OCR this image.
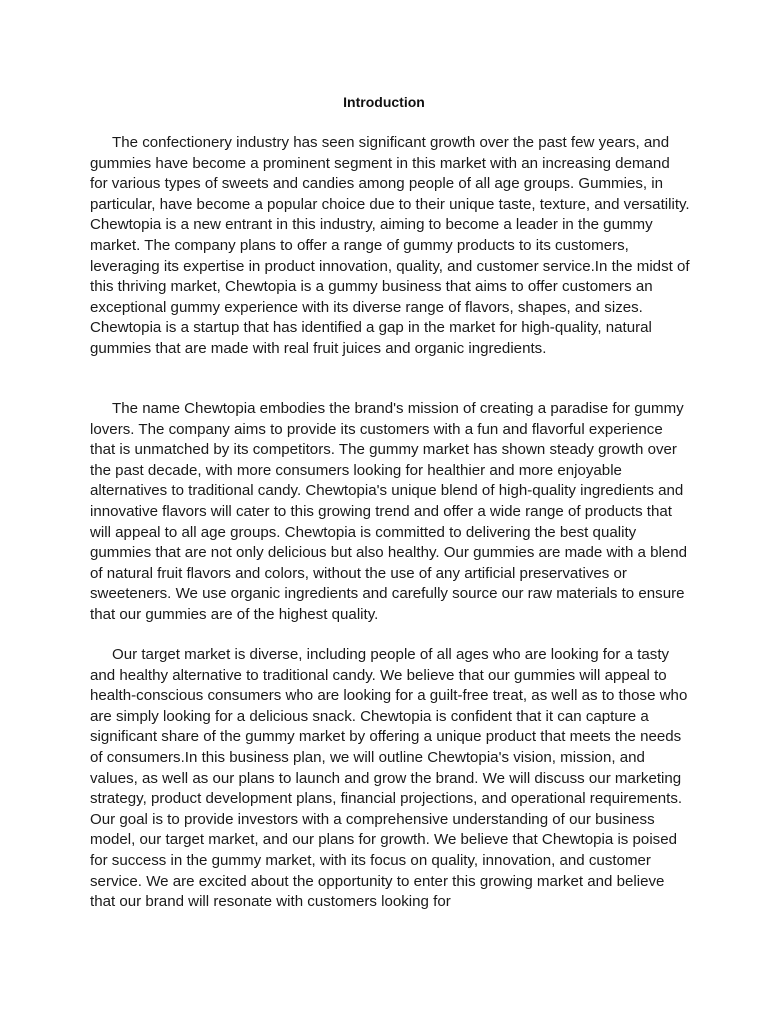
Introduction

The confectionery industry has seen significant growth over the past few years, and gummies have become a prominent segment in this market with an increasing demand for various types of sweets and candies among people of all age groups. Gummies, in particular, have become a popular choice due to their unique taste, texture, and versatility. Chewtopia is a new entrant in this industry, aiming to become a leader in the gummy market. The company plans to offer a range of gummy products to its customers, leveraging its expertise in product innovation, quality, and customer service.In the midst of this thriving market, Chewtopia is a gummy business that aims to offer customers an exceptional gummy experience with its diverse range of flavors, shapes, and sizes. Chewtopia is a startup that has identified a gap in the market for high-quality, natural gummies that are made with real fruit juices and organic ingredients.

The name Chewtopia embodies the brand's mission of creating a paradise for gummy lovers. The company aims to provide its customers with a fun and flavorful experience that is unmatched by its competitors. The gummy market has shown steady growth over the past decade, with more consumers looking for healthier and more enjoyable alternatives to traditional candy. Chewtopia's unique blend of high-quality ingredients and innovative flavors will cater to this growing trend and offer a wide range of products that will appeal to all age groups. Chewtopia is committed to delivering the best quality gummies that are not only delicious but also healthy. Our gummies are made with a blend of natural fruit flavors and colors, without the use of any artificial preservatives or sweeteners. We use organic ingredients and carefully source our raw materials to ensure that our gummies are of the highest quality.

Our target market is diverse, including people of all ages who are looking for a tasty and healthy alternative to traditional candy. We believe that our gummies will appeal to health-conscious consumers who are looking for a guilt-free treat, as well as to those who are simply looking for a delicious snack. Chewtopia is confident that it can capture a significant share of the gummy market by offering a unique product that meets the needs of consumers.In this business plan, we will outline Chewtopia's vision, mission, and values, as well as our plans to launch and grow the brand. We will discuss our marketing strategy, product development plans, financial projections, and operational requirements. Our goal is to provide investors with a comprehensive understanding of our business model, our target market, and our plans for growth. We believe that Chewtopia is poised for success in the gummy market, with its focus on quality, innovation, and customer service. We are excited about the opportunity to enter this growing market and believe that our brand will resonate with customers looking for
